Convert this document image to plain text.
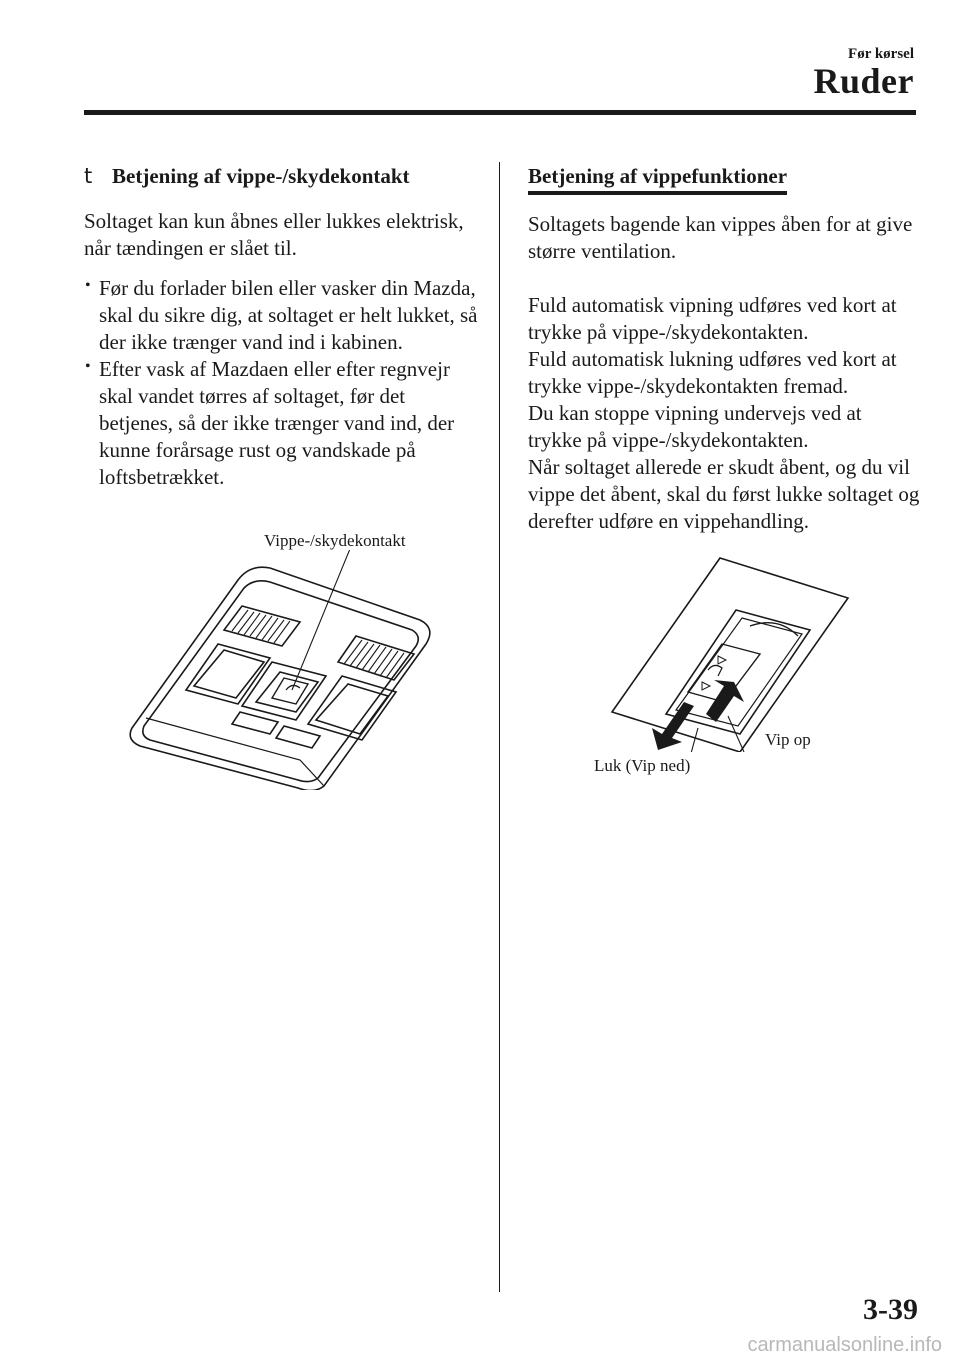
Før kørsel
Ruder
t Betjening af vippe-/skydekontakt

Soltaget kan kun åbnes eller lukkes elektrisk, når tændingen er slået til.

• Før du forlader bilen eller vasker din Mazda, skal du sikre dig, at soltaget er helt lukket, så der ikke trænger vand ind i kabinen.
• Efter vask af Mazdaen eller efter regnvejr skal vandet tørres af soltaget, før det betjenes, så der ikke trænger vand ind, der kunne forårsage rust og vandskade på loftsbetrækket.
Vippe-/skydekontakt
Betjening af vippefunktioner

Soltagets bagende kan vippes åben for at give større ventilation.

Fuld automatisk vipning udføres ved kort at trykke på vippe-/skydekontakten.

Fuld automatisk lukning udføres ved kort at trykke vippe-/skydekontakten fremad.

Du kan stoppe vipning undervejs ved at trykke på vippe-/skydekontakten.

Når soltaget allerede er skudt åbent, og du vil vippe det åbent, skal du først lukke soltaget og derefter udføre en vippehandling.

Vip op
Luk (Vip ned)
3-39
carmanualsonline.info
